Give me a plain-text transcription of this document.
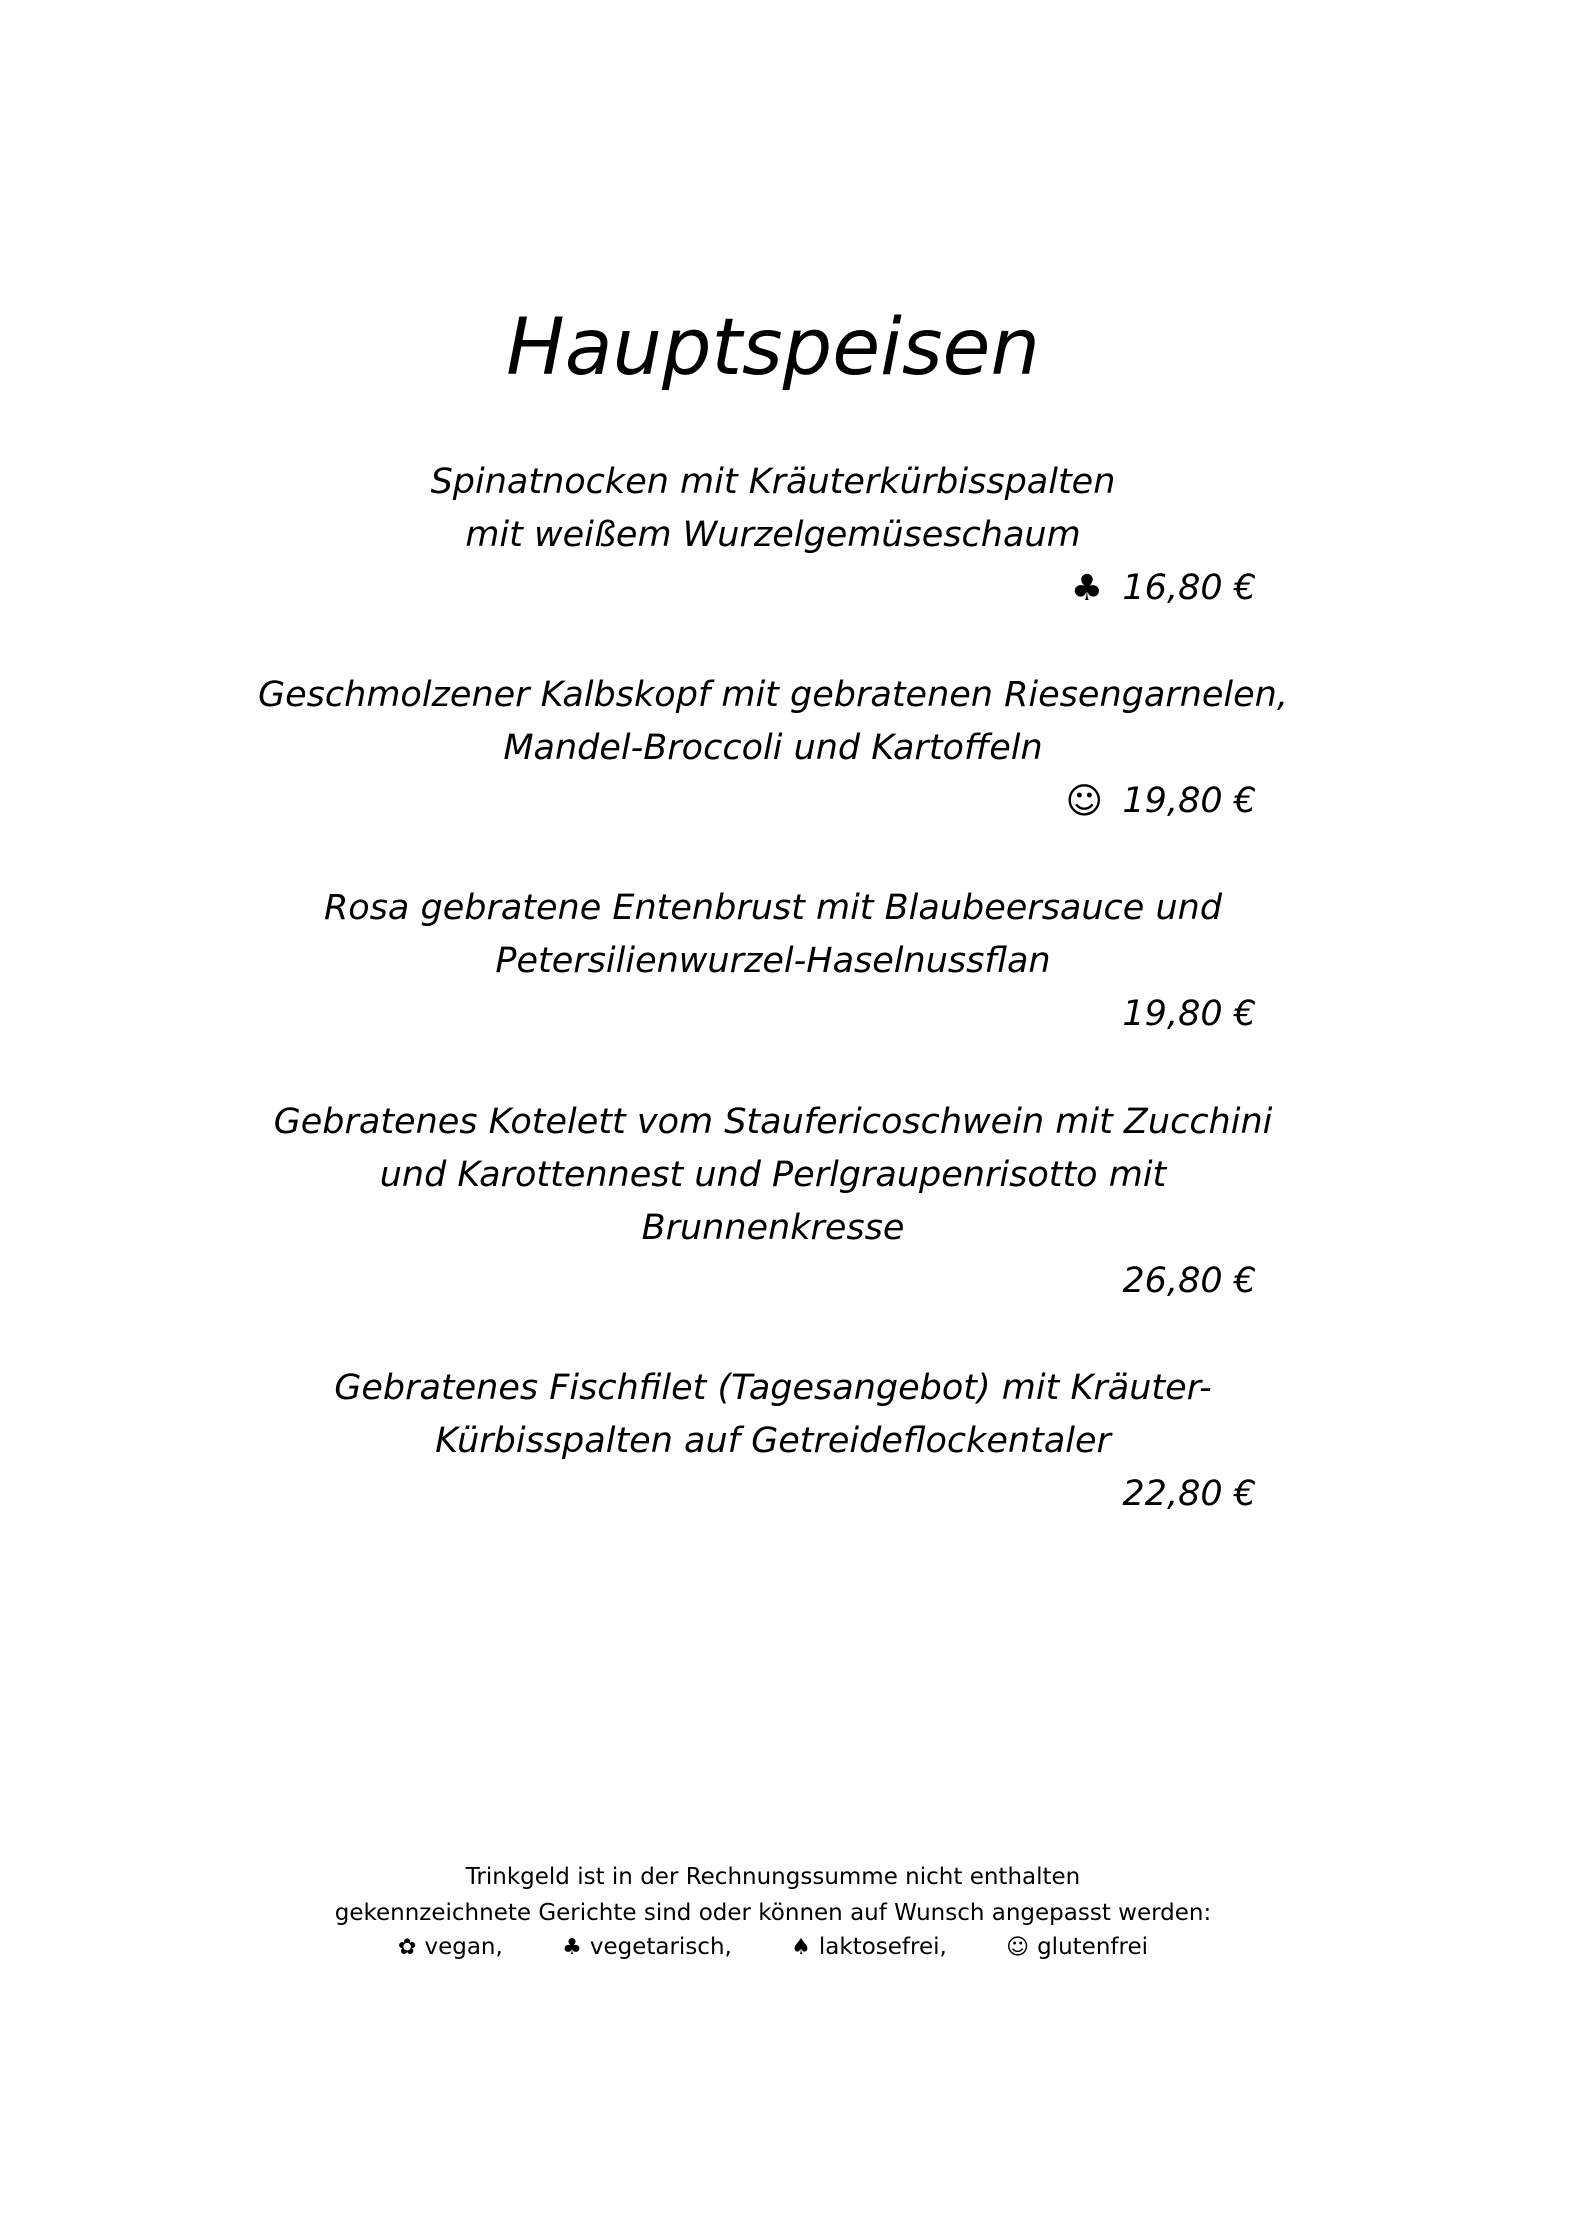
Hauptspeisen
Spinatnocken mit Kräuterkürbisspalten
mit weißem Wurzelgemüseschaum
♣ 16,80 €
Geschmolzener Kalbskopf mit gebratenen Riesengarnelen,
Mandel-Broccoli und Kartoffeln
☺ 19,80 €
Rosa gebratene Entenbrust mit Blaubeersauce und
Petersilienwurzel-Haselnussflan
19,80 €
Gebratenes Kotelett vom Staufericoschwein mit Zucchini
und Karottennest und Perlgraupenrisotto mit
Brunnenkresse
26,80 €
Gebratenes Fischfilet (Tagesangebot) mit Kräuter-
Kürbisspalten auf Getreideflockentaler
22,80 €
Trinkgeld ist in der Rechnungssumme nicht enthalten
gekennzeichnete Gerichte sind oder können auf Wunsch angepasst werden:
✿ vegan,	♣ vegetarisch,	♠ laktosefrei,	☺ glutenfrei
